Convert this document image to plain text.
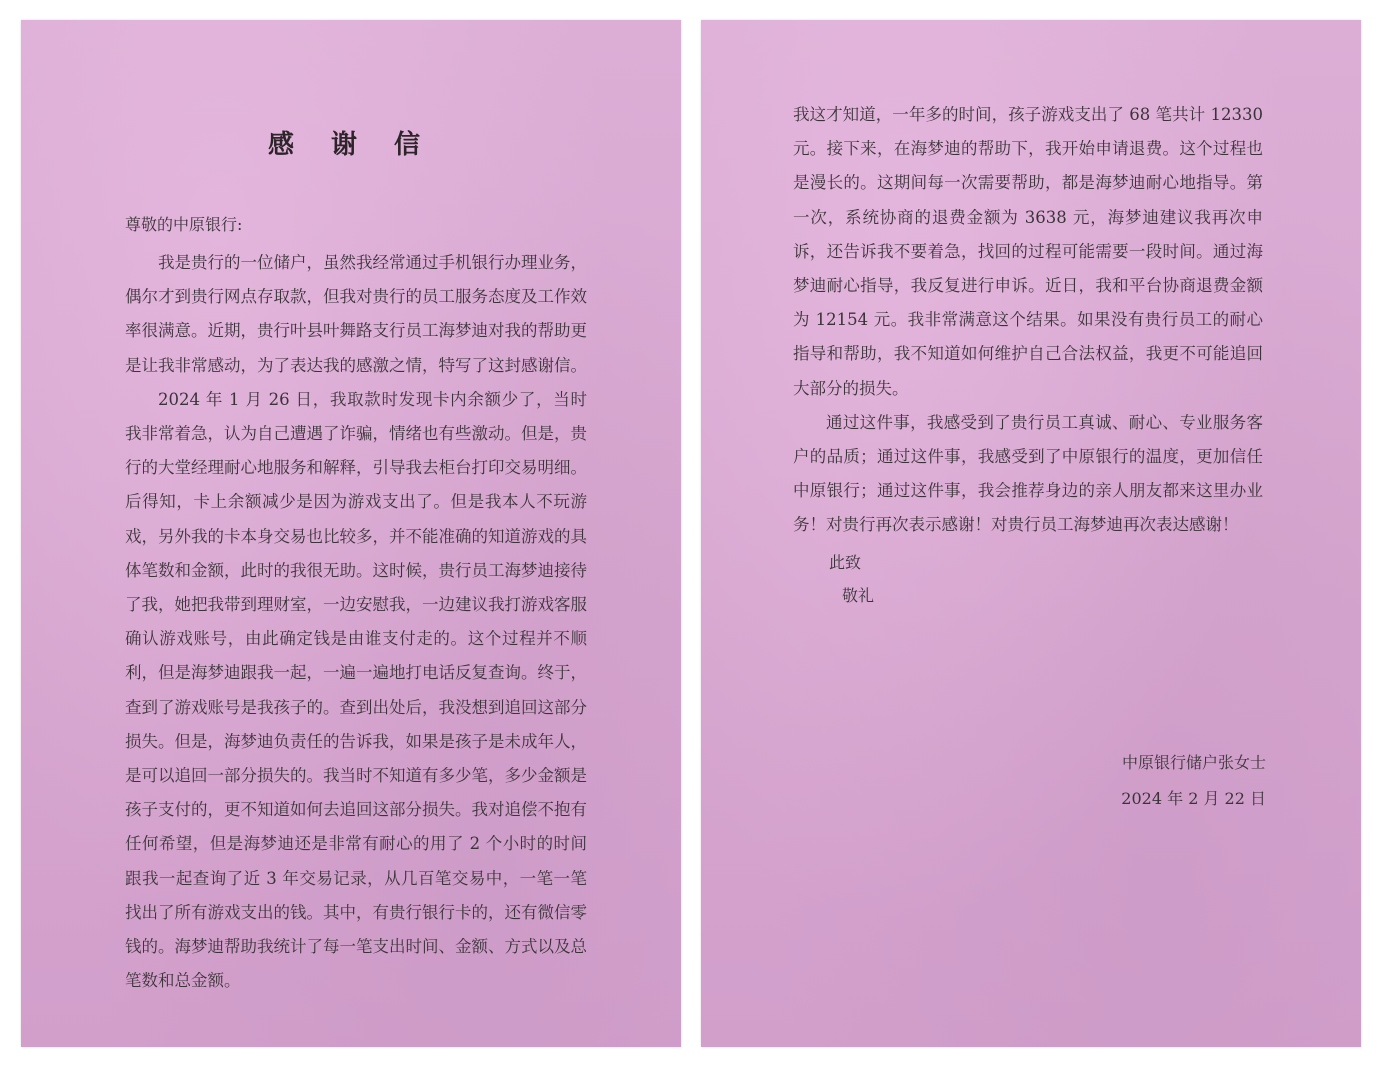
感 谢 信
尊敬的中原银行:

我是贵行的一位储户，虽然我经常通过手机银行办理业务，偶尔才到贵行网点存取款，但我对贵行的员工服务态度及工作效率很满意。近期，贵行叶县叶舞路支行员工海梦迪对我的帮助更是让我非常感动，为了表达我的感激之情，特写了这封感谢信。

2024 年 1 月 26 日，我取款时发现卡内余额少了，当时我非常着急，认为自己遭遇了诈骗，情绪也有些激动。但是，贵行的大堂经理耐心地服务和解释，引导我去柜台打印交易明细。后得知，卡上余额减少是因为游戏支出了。但是我本人不玩游戏，另外我的卡本身交易也比较多，并不能准确的知道游戏的具体笔数和金额，此时的我很无助。这时候，贵行员工海梦迪接待了我，她把我带到理财室，一边安慰我，一边建议我打游戏客服确认游戏账号，由此确定钱是由谁支付走的。这个过程并不顺利，但是海梦迪跟我一起，一遍一遍地打电话反复查询。终于，查到了游戏账号是我孩子的。查到出处后，我没想到追回这部分损失。但是，海梦迪负责任的告诉我，如果是孩子是未成年人，是可以追回一部分损失的。我当时不知道有多少笔，多少金额是孩子支付的，更不知道如何去追回这部分损失。我对追偿不抱有任何希望，但是海梦迪还是非常有耐心的用了 2 个小时的时间跟我一起查询了近 3 年交易记录，从几百笔交易中，一笔一笔找出了所有游戏支出的钱。其中，有贵行银行卡的，还有微信零钱的。海梦迪帮助我统计了每一笔支出时间、金额、方式以及总笔数和总金额。

我这才知道，一年多的时间，孩子游戏支出了 68 笔共计 12330 元。接下来，在海梦迪的帮助下，我开始申请退费。这个过程也是漫长的。这期间每一次需要帮助，都是海梦迪耐心地指导。第一次，系统协商的退费金额为 3638 元，海梦迪建议我再次申诉，还告诉我不要着急，找回的过程可能需要一段时间。通过海梦迪耐心指导，我反复进行申诉。近日，我和平台协商退费金额为 12154 元。我非常满意这个结果。如果没有贵行员工的耐心指导和帮助，我不知道如何维护自己合法权益，我更不可能追回大部分的损失。

通过这件事，我感受到了贵行员工真诚、耐心、专业服务客户的品质；通过这件事，我感受到了中原银行的温度，更加信任中原银行；通过这件事，我会推荐身边的亲人朋友都来这里办业务！对贵行再次表示感谢！对贵行员工海梦迪再次表达感谢！

此致
敬礼
中原银行储户张女士
2024 年 2 月 22 日
